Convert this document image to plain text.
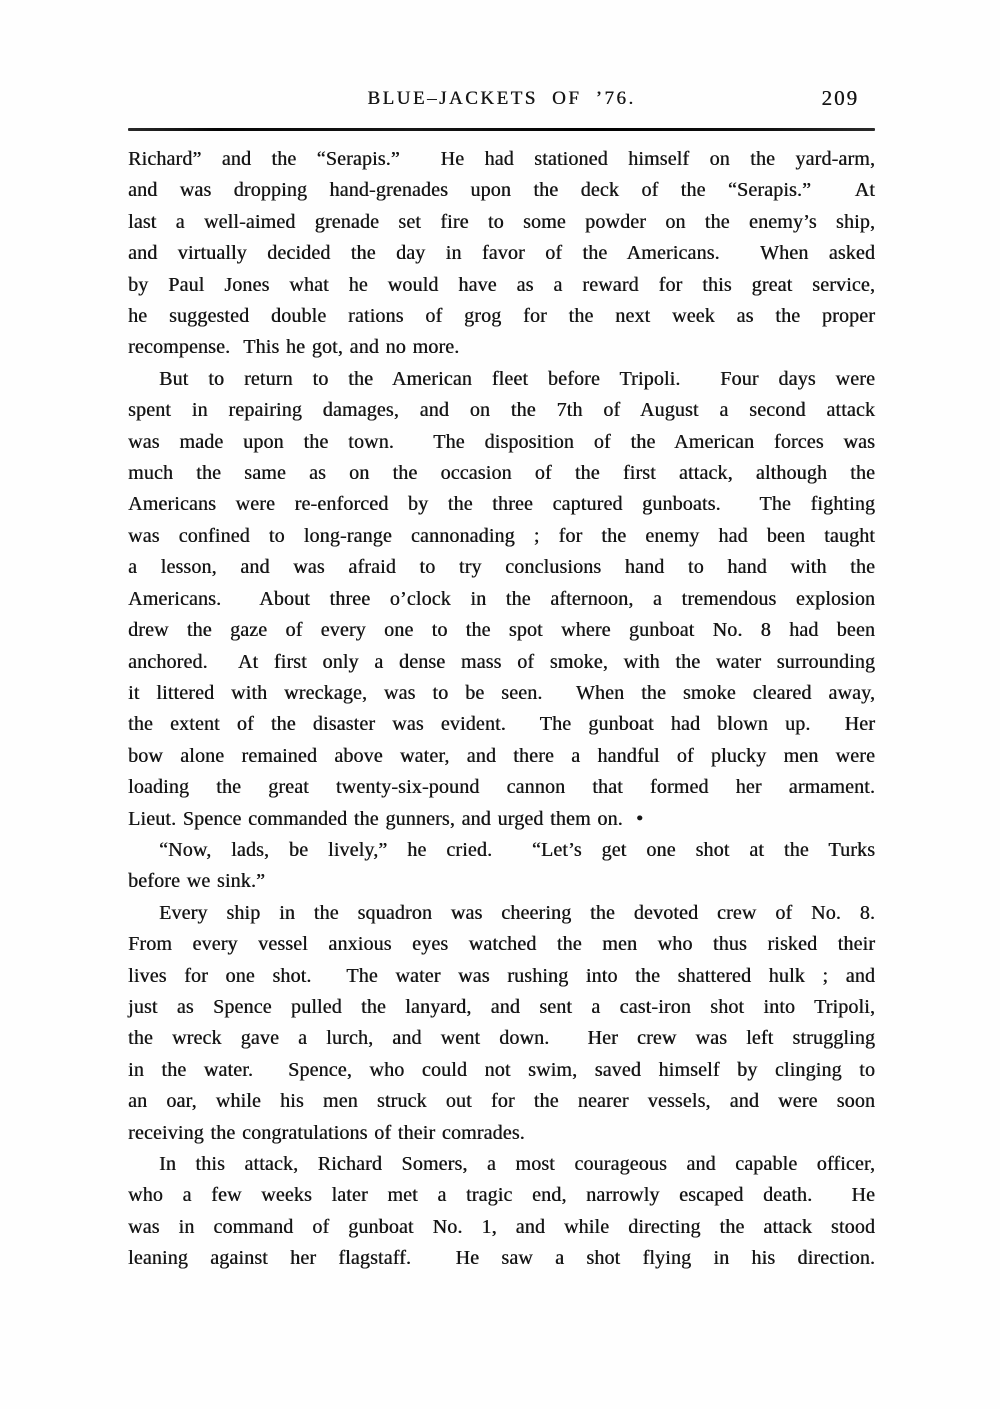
BLUE–JACKETS OF ’76.	209
Richard” and the “Serapis.”  He had stationed himself on the yard-arm,
and was dropping hand-grenades upon the deck of the “Serapis.”  At
last a well-aimed grenade set fire to some powder on the enemy’s ship,
and virtually decided the day in favor of the Americans.  When asked
by Paul Jones what he would have as a reward for this great service,
he suggested double rations of grog for the next week as the proper
recompense.  This he got, and no more.
But to return to the American fleet before Tripoli.  Four days were
spent in repairing damages, and on the 7th of August a second attack
was made upon the town.  The disposition of the American forces was
much the same as on the occasion of the first attack, although the
Americans were re-enforced by the three captured gunboats.  The fighting
was confined to long-range cannonading ; for the enemy had been taught
a lesson, and was afraid to try conclusions hand to hand with the
Americans.  About three o’clock in the afternoon, a tremendous explosion
drew the gaze of every one to the spot where gunboat No. 8 had been
anchored.  At first only a dense mass of smoke, with the water surrounding
it littered with wreckage, was to be seen.  When the smoke cleared away,
the extent of the disaster was evident.  The gunboat had blown up.  Her
bow alone remained above water, and there a handful of plucky men were
loading the great twenty-six-pound cannon that formed her armament.
Lieut. Spence commanded the gunners, and urged them on.  •
“Now, lads, be lively,” he cried.  “Let’s get one shot at the Turks
before we sink.”
Every ship in the squadron was cheering the devoted crew of No. 8.
From every vessel anxious eyes watched the men who thus risked their
lives for one shot.  The water was rushing into the shattered hulk ; and
just as Spence pulled the lanyard, and sent a cast-iron shot into Tripoli,
the wreck gave a lurch, and went down.  Her crew was left struggling
in the water.  Spence, who could not swim, saved himself by clinging to
an oar, while his men struck out for the nearer vessels, and were soon
receiving the congratulations of their comrades.
In this attack, Richard Somers, a most courageous and capable officer,
who a few weeks later met a tragic end, narrowly escaped death.  He
was in command of gunboat No. 1, and while directing the attack stood
leaning against her flagstaff.  He saw a shot flying in his direction.
